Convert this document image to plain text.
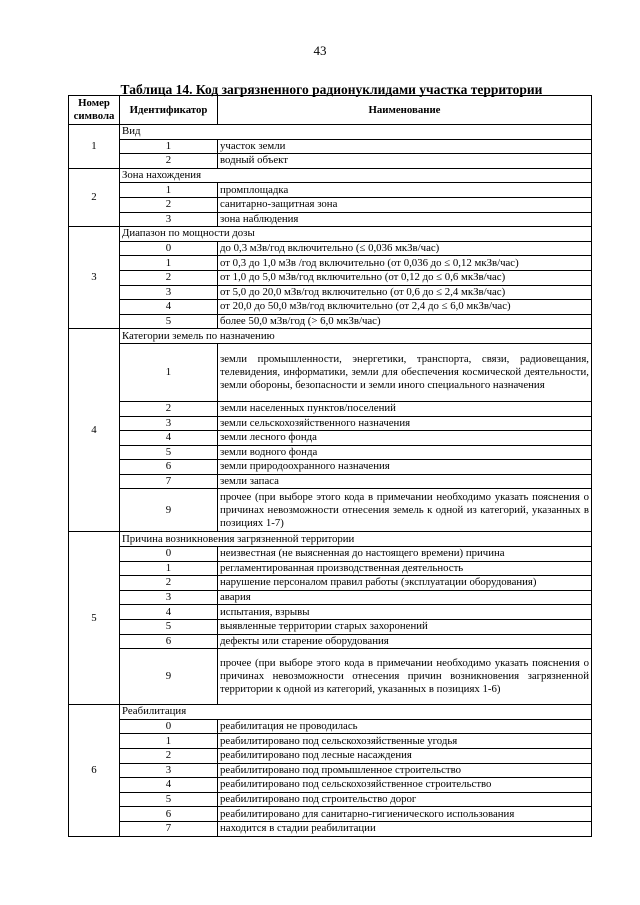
43
Таблица 14. Код загрязненного радионуклидами участка территории
Номер символа	Идентификатор	Наименование
1	Вид	
	1	участок земли
	2	водный объект
2	Зона нахождения	
	1	промплощадка
	2	санитарно-защитная зона
	3	зона наблюдения
3	Диапазон по мощности дозы	
	0	до 0,3 мЗв/год включительно (≤ 0,036 мкЗв/час)
	1	от 0,3 до 1,0 мЗв /год включительно (от 0,036 до ≤ 0,12 мкЗв/час)
	2	от 1,0 до 5,0 мЗв/год включительно (от 0,12 до ≤ 0,6 мкЗв/час)
	3	от 5,0 до 20,0 мЗв/год включительно (от 0,6 до ≤ 2,4 мкЗв/час)
	4	от 20,0 до 50,0 мЗв/год включительно (от 2,4 до ≤ 6,0 мкЗв/час)
	5	более 50,0 мЗв/год (> 6,0 мкЗв/час)
4	Категории земель по назначению	
	1	земли промышленности, энергетики, транспорта, связи, радиовещания, телевидения, информатики, земли для обеспечения космической деятельности, земли обороны, безопасности и земли иного специального назначения
	2	земли населенных пунктов/поселений
	3	земли сельскохозяйственного назначения
	4	земли лесного фонда
	5	земли водного фонда
	6	земли природоохранного назначения
	7	земли запаса
	9	прочее (при выборе этого кода в примечании необходимо указать пояснения о причинах невозможности отнесения земель к одной из категорий, указанных в позициях 1-7)
5	Причина возникновения загрязненной территории	
	0	неизвестная (не выясненная до настоящего времени) причина
	1	регламентированная производственная деятельность
	2	нарушение персоналом правил работы (эксплуатации оборудования)
	3	авария
	4	испытания, взрывы
	5	выявленные территории старых захоронений
	6	дефекты или старение оборудования
	9	прочее (при выборе этого кода в примечании необходимо указать пояснения о причинах невозможности отнесения причин возникновения загрязненной территории к одной из категорий, указанных в позициях 1-6)
6	Реабилитация	
	0	реабилитация не проводилась
	1	реабилитировано под сельскохозяйственные угодья
	2	реабилитировано под лесные насаждения
	3	реабилитировано под промышленное строительство
	4	реабилитировано под сельскохозяйственное строительство
	5	реабилитировано под строительство дорог
	6	реабилитировано для санитарно-гигиенического использования
	7	находится в стадии реабилитации
